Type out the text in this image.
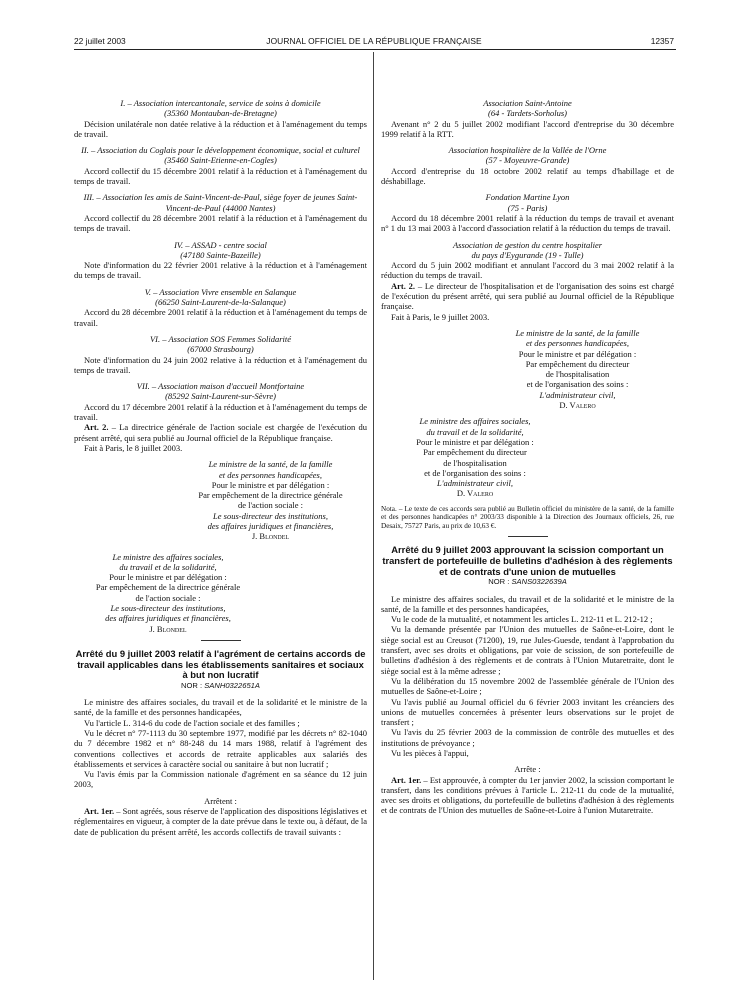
22 juillet 2003	JOURNAL OFFICIEL DE LA RÉPUBLIQUE FRANÇAISE	12357

I. – Association intercantonale, service de soins à domicile

(35360 Montauban-de-Bretagne)

Décision unilatérale non datée relative à la réduction et à l'aménagement du temps de travail.

II. – Association du Coglais pour le développement économique, social et culturel (35460 Saint-Etienne-en-Cogles)

Accord collectif du 15 décembre 2001 relatif à la réduction et à l'aménagement du temps de travail.

III. – Association les amis de Saint-Vincent-de-Paul, siège foyer de jeunes Saint-Vincent-de-Paul (44000 Nantes)

Accord collectif du 28 décembre 2001 relatif à la réduction et à l'aménagement du temps de travail.

IV. – ASSAD - centre social

(47180 Sainte-Bazeille)

Note d'information du 22 février 2001 relative à la réduction et à l'aménagement du temps de travail.

V. – Association Vivre ensemble en Salanque

(66250 Saint-Laurent-de-la-Salanque)

Accord du 28 décembre 2001 relatif à la réduction et à l'aménagement du temps de travail.

VI. – Association SOS Femmes Solidarité

(67000 Strasbourg)

Note d'information du 24 juin 2002 relative à la réduction et à l'aménagement du temps de travail.

VII. – Association maison d'accueil Montfortaine

(85292 Saint-Laurent-sur-Sèvre)

Accord du 17 décembre 2001 relatif à la réduction et à l'aménagement du temps de travail.

Art. 2. – La directrice générale de l'action sociale est chargée de l'exécution du présent arrêté, qui sera publié au Journal officiel de la République française.

Fait à Paris, le 8 juillet 2003.

Le ministre de la santé, de la famille

et des personnes handicapées,

Pour le ministre et par délégation :

Par empêchement de la directrice générale

de l'action sociale :

Le sous-directeur des institutions,

des affaires juridiques et financières,

J. Blondel

Le ministre des affaires sociales,

du travail et de la solidarité,

Pour le ministre et par délégation :

Par empêchement de la directrice générale

de l'action sociale :

Le sous-directeur des institutions,

des affaires juridiques et financières,

J. Blondel

Arrêté du 9 juillet 2003 relatif à l'agrément de certains accords de travail applicables dans les établissements sanitaires et sociaux à but non lucratif

NOR : SANH0322651A

Le ministre des affaires sociales, du travail et de la solidarité et le ministre de la santé, de la famille et des personnes handicapées,

Vu l'article L. 314-6 du code de l'action sociale et des familles ;

Vu le décret n° 77-1113 du 30 septembre 1977, modifié par les décrets n° 82-1040 du 7 décembre 1982 et n° 88-248 du 14 mars 1988, relatif à l'agrément des conventions collectives et accords de retraite applicables aux salariés des établissements et services à caractère social ou sanitaire à but non lucratif ;

Vu l'avis émis par la Commission nationale d'agrément en sa séance du 12 juin 2003,

Arrêtent :

Art. 1er. – Sont agréés, sous réserve de l'application des dispositions législatives et réglementaires en vigueur, à compter de la date prévue dans le texte ou, à défaut, de la date de publication du présent arrêté, les accords collectifs de travail suivants :

Association Saint-Antoine

(64 - Tardets-Sorholus)

Avenant n° 2 du 5 juillet 2002 modifiant l'accord d'entreprise du 30 décembre 1999 relatif à la RTT.

Association hospitalière de la Vallée de l'Orne

(57 - Moyeuvre-Grande)

Accord d'entreprise du 18 octobre 2002 relatif au temps d'habillage et de déshabillage.

Fondation Martine Lyon

(75 - Paris)

Accord du 18 décembre 2001 relatif à la réduction du temps de travail et avenant n° 1 du 13 mai 2003 à l'accord d'association relatif à la réduction du temps de travail.

Association de gestion du centre hospitalier

du pays d'Eygurande (19 - Tulle)

Accord du 5 juin 2002 modifiant et annulant l'accord du 3 mai 2002 relatif à la réduction du temps de travail.

Art. 2. – Le directeur de l'hospitalisation et de l'organisation des soins est chargé de l'exécution du présent arrêté, qui sera publié au Journal officiel de la République française.

Fait à Paris, le 9 juillet 2003.

Le ministre de la santé, de la famille

et des personnes handicapées,

Pour le ministre et par délégation :

Par empêchement du directeur

de l'hospitalisation

et de l'organisation des soins :

L'administrateur civil,

D. Valero

Le ministre des affaires sociales,

du travail et de la solidarité,

Pour le ministre et par délégation :

Par empêchement du directeur

de l'hospitalisation

et de l'organisation des soins :

L'administrateur civil,

D. Valero

Nota. – Le texte de ces accords sera publié au Bulletin officiel du ministère de la santé, de la famille et des personnes handicapées n° 2003/33 disponible à la Direction des Journaux officiels, 26, rue Desaix, 75727 Paris, au prix de 10,63 €.

Arrêté du 9 juillet 2003 approuvant la scission comportant un transfert de portefeuille de bulletins d'adhésion à des règlements et de contrats d'une union de mutuelles

NOR : SANS0322639A

Le ministre des affaires sociales, du travail et de la solidarité et le ministre de la santé, de la famille et des personnes handicapées,

Vu le code de la mutualité, et notamment les articles L. 212-11 et L. 212-12 ;

Vu la demande présentée par l'Union des mutuelles de Saône-et-Loire, dont le siège social est au Creusot (71200), 19, rue Jules-Guesde, tendant à l'approbation du transfert, avec ses droits et obligations, par voie de scission, de son portefeuille de bulletins d'adhésion à des règlements et de contrats à l'Union Mutaretraite, dont le siège social est à la même adresse ;

Vu la délibération du 15 novembre 2002 de l'assemblée générale de l'Union des mutuelles de Saône-et-Loire ;

Vu l'avis publié au Journal officiel du 6 février 2003 invitant les créanciers des unions de mutuelles concernées à présenter leurs observations sur le projet de transfert ;

Vu l'avis du 25 février 2003 de la commission de contrôle des mutuelles et des institutions de prévoyance ;

Vu les pièces à l'appui,

Arrête :

Art. 1er. – Est approuvée, à compter du 1er janvier 2002, la scission comportant le transfert, dans les conditions prévues à l'article L. 212-11 du code de la mutualité, avec ses droits et obligations, du portefeuille de bulletins d'adhésion à des règlements et de contrats de l'Union des mutuelles de Saône-et-Loire à l'union Mutaretraite.
